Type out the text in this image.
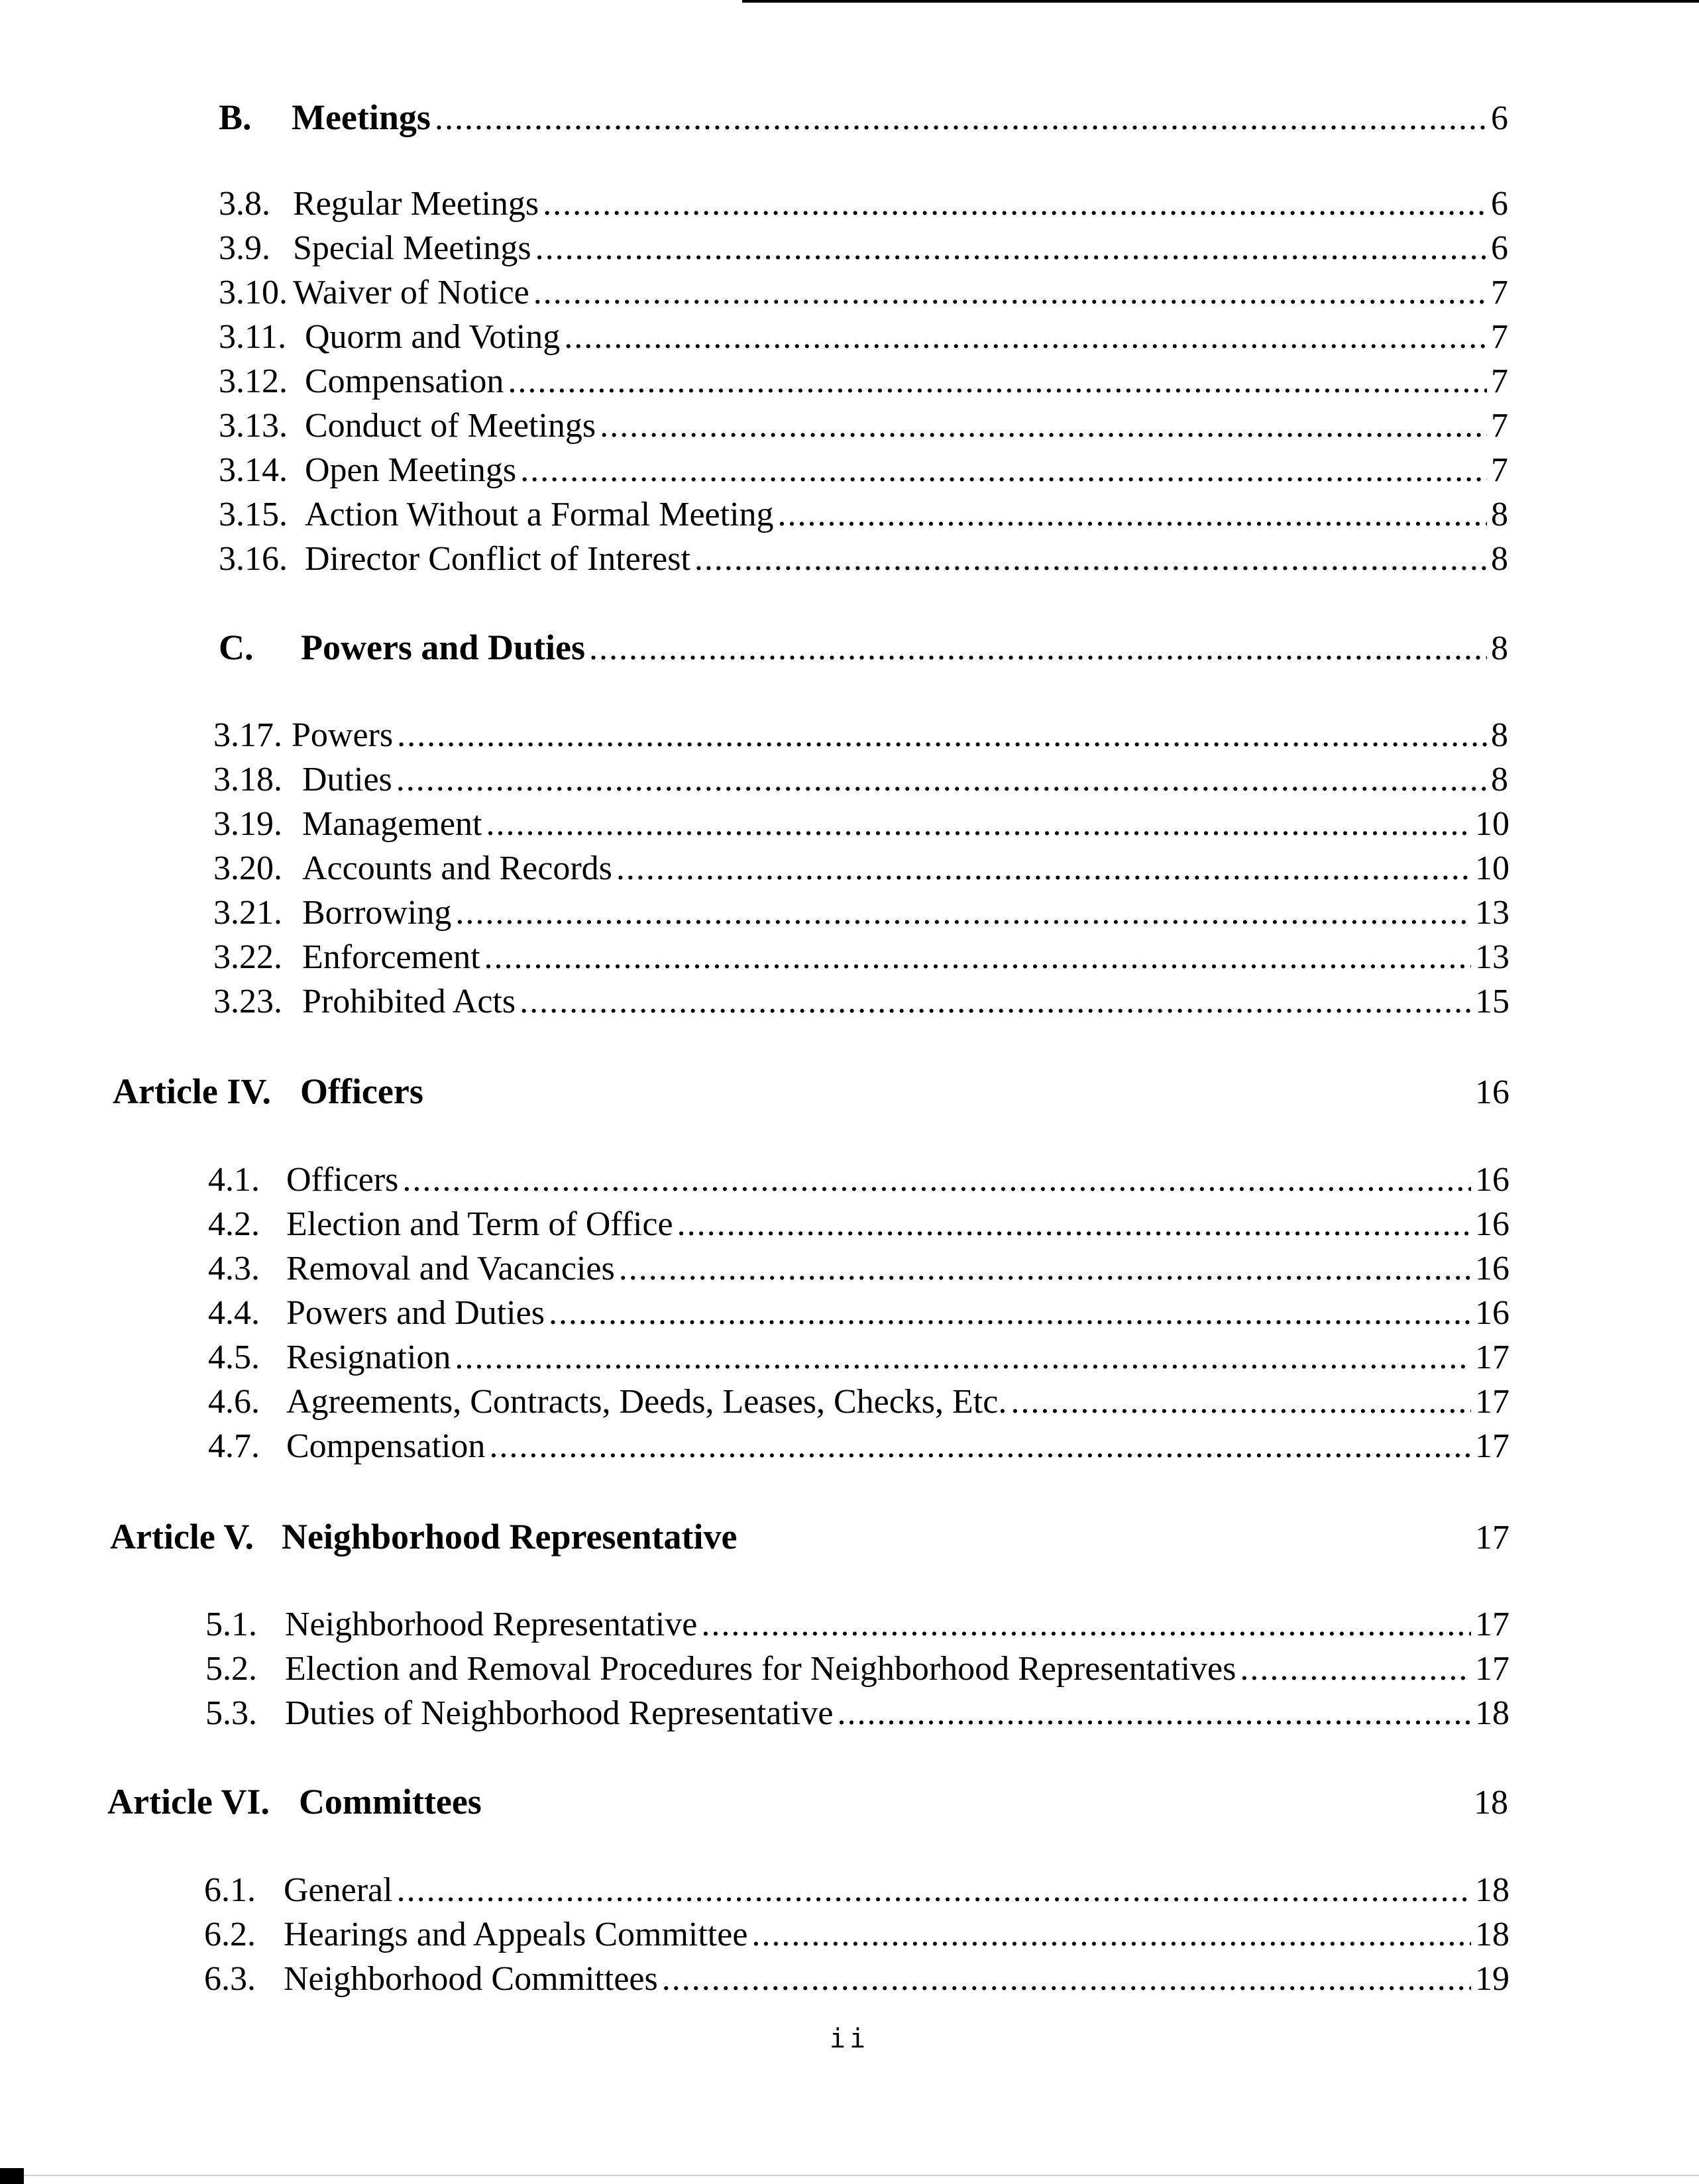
B.	Meetings .....	6
3.8. Regular Meetings .....	6
3.9. Special Meetings .....	6
3.10. Waiver of Notice .....	7
3.11. Quorm and Voting .....	7
3.12. Compensation .....	7
3.13. Conduct of Meetings .....	7
3.14. Open Meetings .....	7
3.15. Action Without a Formal Meeting .....	8
3.16. Director Conflict of Interest .....	8
C.	Powers and Duties .....	8
3.17. Powers .....	8
3.18. Duties .....	8
3.19. Management .....	10
3.20. Accounts and Records .....	10
3.21. Borrowing .....	13
3.22. Enforcement .....	13
3.23. Prohibited Acts .....	15
Article IV. Officers	16
4.1. Officers .....	16
4.2. Election and Term of Office .....	16
4.3. Removal and Vacancies .....	16
4.4. Powers and Duties .....	16
4.5. Resignation .....	17
4.6. Agreements, Contracts, Deeds, Leases, Checks, Etc. .....	17
4.7. Compensation .....	17
Article V. Neighborhood Representative	17
5.1. Neighborhood Representative .....	17
5.2. Election and Removal Procedures for Neighborhood Representatives .....	17
5.3. Duties of Neighborhood Representative .....	18
Article VI. Committees	18
6.1. General .....	18
6.2. Hearings and Appeals Committee .....	18
6.3. Neighborhood Committees .....	19
ii
